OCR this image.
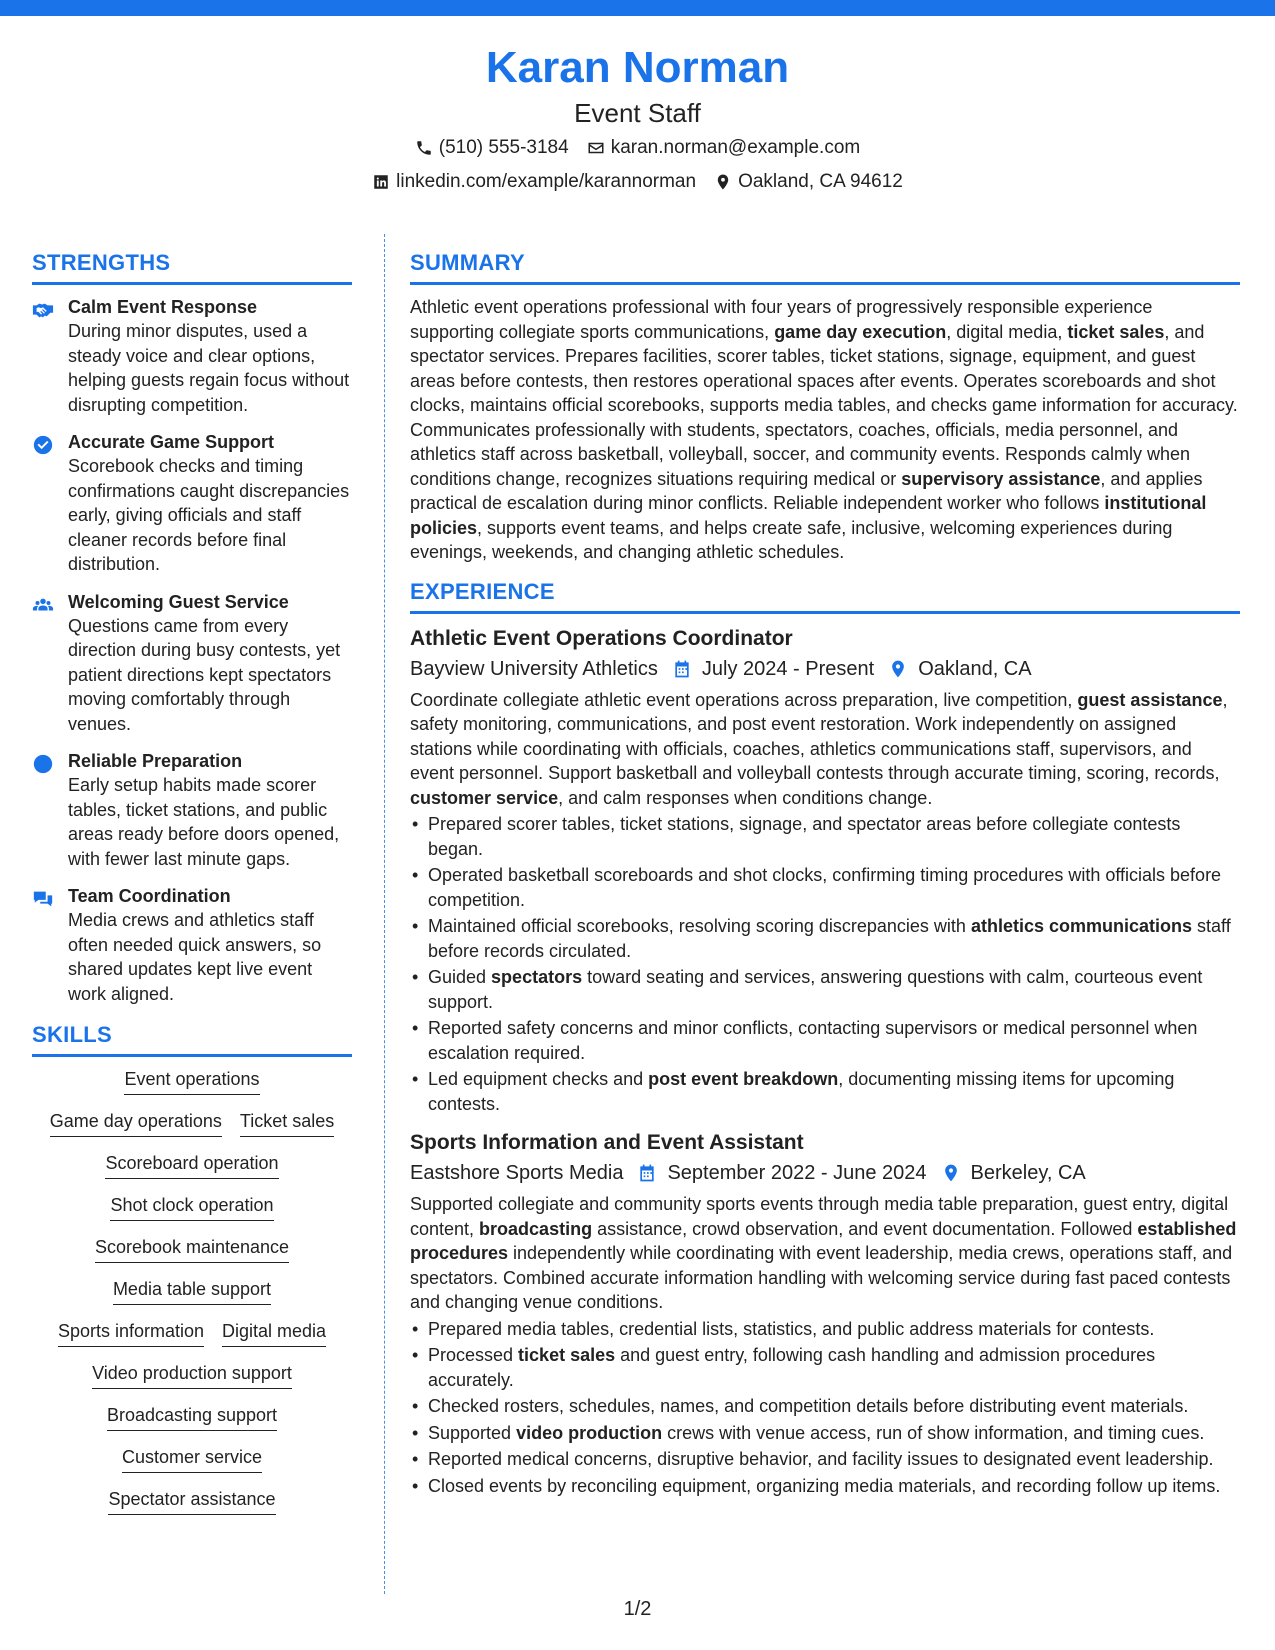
Karan Norman
Event Staff
(510) 555-3184 karan.norman@example.com
linkedin.com/example/karannorman Oakland, CA 94612
STRENGTHS
Calm Event Response

During minor disputes, used a steady voice and clear options, helping guests regain focus without disrupting competition.

Accurate Game Support

Scorebook checks and timing confirmations caught discrepancies early, giving officials and staff cleaner records before final distribution.

Welcoming Guest Service

Questions came from every direction during busy contests, yet patient directions kept spectators moving comfortably through venues.

Reliable Preparation

Early setup habits made scorer tables, ticket stations, and public areas ready before doors opened, with fewer last minute gaps.

Team Coordination

Media crews and athletics staff often needed quick answers, so shared updates kept live event work aligned.

SKILLS
Event operations
Game day operations Ticket sales
Scoreboard operation
Shot clock operation
Scorebook maintenance
Media table support
Sports information Digital media
Video production support
Broadcasting support
Customer service
Spectator assistance
SUMMARY

Athletic event operations professional with four years of progressively responsible experience supporting collegiate sports communications, game day execution, digital media, ticket sales, and spectator services. Prepares facilities, scorer tables, ticket stations, signage, equipment, and guest areas before contests, then restores operational spaces after events. Operates scoreboards and shot clocks, maintains official scorebooks, supports media tables, and checks game information for accuracy. Communicates professionally with students, spectators, coaches, officials, media personnel, and athletics staff across basketball, volleyball, soccer, and community events. Responds calmly when conditions change, recognizes situations requiring medical or supervisory assistance, and applies practical de escalation during minor conflicts. Reliable independent worker who follows institutional policies, supports event teams, and helps create safe, inclusive, welcoming experiences during evenings, weekends, and changing athletic schedules.

EXPERIENCE
Athletic Event Operations Coordinator
Bayview University Athletics July 2024 - Present Oakland, CA

Coordinate collegiate athletic event operations across preparation, live competition, guest assistance, safety monitoring, communications, and post event restoration. Work independently on assigned stations while coordinating with officials, coaches, athletics communications staff, supervisors, and event personnel. Support basketball and volleyball contests through accurate timing, scoring, records, customer service, and calm responses when conditions change.

• Prepared scorer tables, ticket stations, signage, and spectator areas before collegiate contests began.
• Operated basketball scoreboards and shot clocks, confirming timing procedures with officials before competition.
• Maintained official scorebooks, resolving scoring discrepancies with athletics communications staff before records circulated.
• Guided spectators toward seating and services, answering questions with calm, courteous event support.
• Reported safety concerns and minor conflicts, contacting supervisors or medical personnel when escalation required.
• Led equipment checks and post event breakdown, documenting missing items for upcoming contests.
Sports Information and Event Assistant
Eastshore Sports Media September 2022 - June 2024 Berkeley, CA

Supported collegiate and community sports events through media table preparation, guest entry, digital content, broadcasting assistance, crowd observation, and event documentation. Followed established procedures independently while coordinating with event leadership, media crews, operations staff, and spectators. Combined accurate information handling with welcoming service during fast paced contests and changing venue conditions.

• Prepared media tables, credential lists, statistics, and public address materials for contests.
• Processed ticket sales and guest entry, following cash handling and admission procedures accurately.
• Checked rosters, schedules, names, and competition details before distributing event materials.
• Supported video production crews with venue access, run of show information, and timing cues.
• Reported medical concerns, disruptive behavior, and facility issues to designated event leadership.
• Closed events by reconciling equipment, organizing media materials, and recording follow up items.
1/2
